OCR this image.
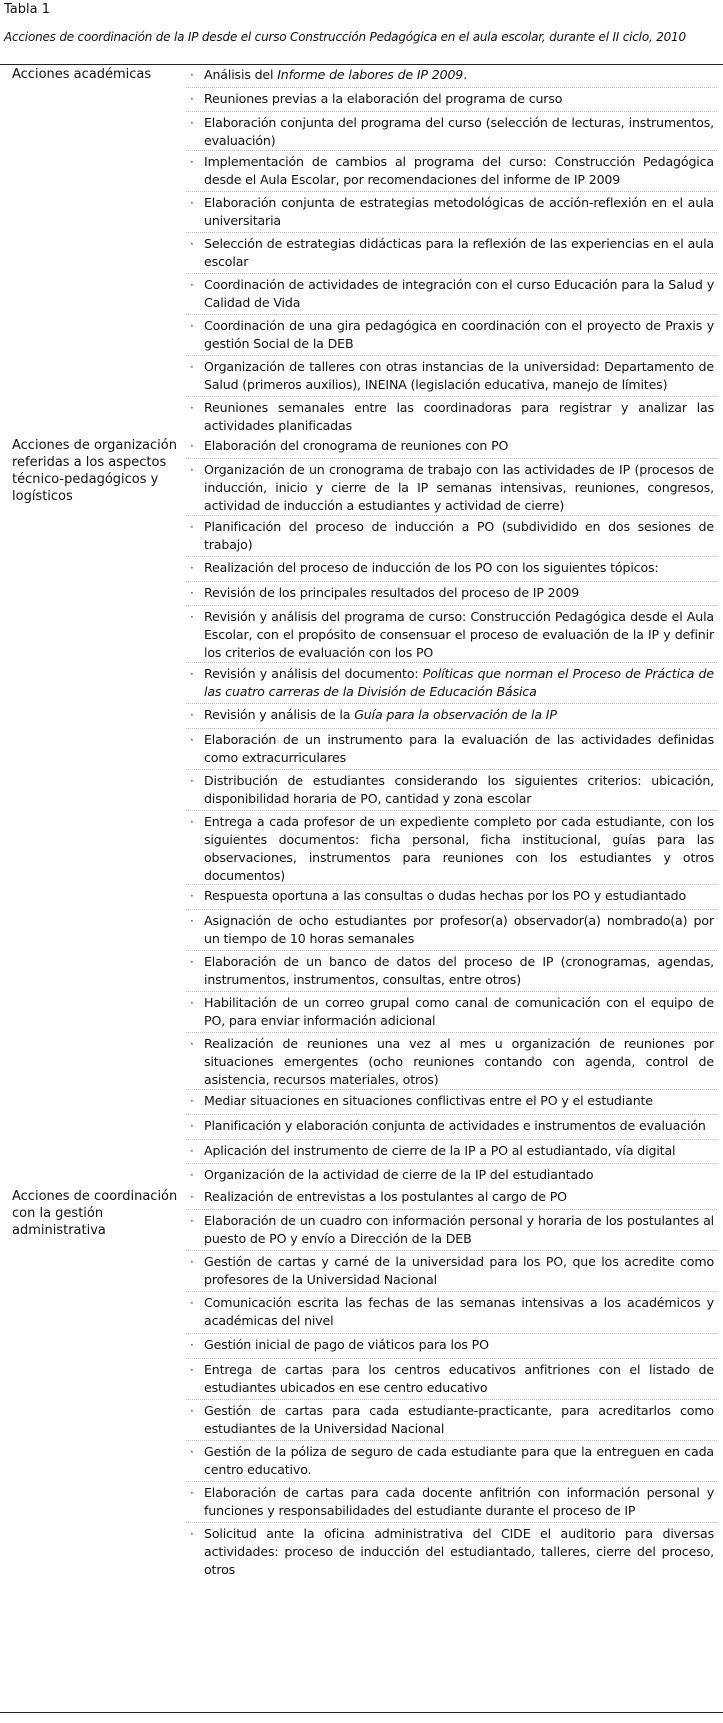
Tabla 1
Acciones de coordinación de la IP desde el curso Construcción Pedagógica en el aula escolar, durante el II ciclo, 2010
Acciones académicas	· Análisis del Informe de labores de IP 2009.
· Reuniones previas a la elaboración del programa de curso
· Elaboración conjunta del programa del curso (selección de lecturas, instrumentos, evaluación)
· Implementación de cambios al programa del curso: Construcción Pedagógica desde el Aula Escolar, por recomendaciones del informe de IP 2009
· Elaboración conjunta de estrategias metodológicas de acción-reflexión en el aula universitaria
· Selección de estrategias didácticas para la reflexión de las experiencias en el aula escolar
· Coordinación de actividades de integración con el curso Educación para la Salud y Calidad de Vida
· Coordinación de una gira pedagógica en coordinación con el proyecto de Praxis y gestión Social de la DEB
· Organización de talleres con otras instancias de la universidad: Departamento de Salud (primeros auxilios), INEINA (legislación educativa, manejo de límites)
· Reuniones semanales entre las coordinadoras para registrar y analizar las actividades planificadas
Acciones de organización referidas a los aspectos técnico-pedagógicos y logísticos
· Elaboración del cronograma de reuniones con PO
· Organización de un cronograma de trabajo con las actividades de IP (procesos de inducción, inicio y cierre de la IP semanas intensivas, reuniones, congresos, actividad de inducción a estudiantes y actividad de cierre)
· Planificación del proceso de inducción a PO (subdividido en dos sesiones de trabajo)
· Realización del proceso de inducción de los PO con los siguientes tópicos:
· Revisión de los principales resultados del proceso de IP 2009
· Revisión y análisis del programa de curso: Construcción Pedagógica desde el Aula Escolar, con el propósito de consensuar el proceso de evaluación de la IP y definir los criterios de evaluación con los PO
· Revisión y análisis del documento: Políticas que norman el Proceso de Práctica de las cuatro carreras de la División de Educación Básica
· Revisión y análisis de la Guía para la observación de la IP
· Elaboración de un instrumento para la evaluación de las actividades definidas como extracurriculares
· Distribución de estudiantes considerando los siguientes criterios: ubicación, disponibilidad horaria de PO, cantidad y zona escolar
· Entrega a cada profesor de un expediente completo por cada estudiante, con los siguientes documentos: ficha personal, ficha institucional, guías para las observaciones, instrumentos para reuniones con los estudiantes y otros documentos)
· Respuesta oportuna a las consultas o dudas hechas por los PO y estudiantado
· Asignación de ocho estudiantes por profesor(a) observador(a) nombrado(a) por un tiempo de 10 horas semanales
· Elaboración de un banco de datos del proceso de IP (cronogramas, agendas, instrumentos, instrumentos, consultas, entre otros)
· Habilitación de un correo grupal como canal de comunicación con el equipo de PO, para enviar información adicional
· Realización de reuniones una vez al mes u organización de reuniones por situaciones emergentes (ocho reuniones contando con agenda, control de asistencia, recursos materiales, otros)
· Mediar situaciones en situaciones conflictivas entre el PO y el estudiante
· Planificación y elaboración conjunta de actividades e instrumentos de evaluación
· Aplicación del instrumento de cierre de la IP a PO al estudiantado, vía digital
· Organización de la actividad de cierre de la IP del estudiantado
Acciones de coordinación con la gestión administrativa
· Realización de entrevistas a los postulantes al cargo de PO
· Elaboración de un cuadro con información personal y horaria de los postulantes al puesto de PO y envío a Dirección de la DEB
· Gestión de cartas y carné de la universidad para los PO, que los acredite como profesores de la Universidad Nacional
· Comunicación escrita las fechas de las semanas intensivas a los académicos y académicas del nivel
· Gestión inicial de pago de viáticos para los PO
· Entrega de cartas para los centros educativos anfitriones con el listado de estudiantes ubicados en ese centro educativo
· Gestión de cartas para cada estudiante-practicante, para acreditarlos como estudiantes de la Universidad Nacional
· Gestión de la póliza de seguro de cada estudiante para que la entreguen en cada centro educativo.
· Elaboración de cartas para cada docente anfitrión con información personal y funciones y responsabilidades del estudiante durante el proceso de IP
· Solicitud ante la oficina administrativa del CIDE el auditorio para diversas actividades: proceso de inducción del estudiantado, talleres, cierre del proceso, otros
